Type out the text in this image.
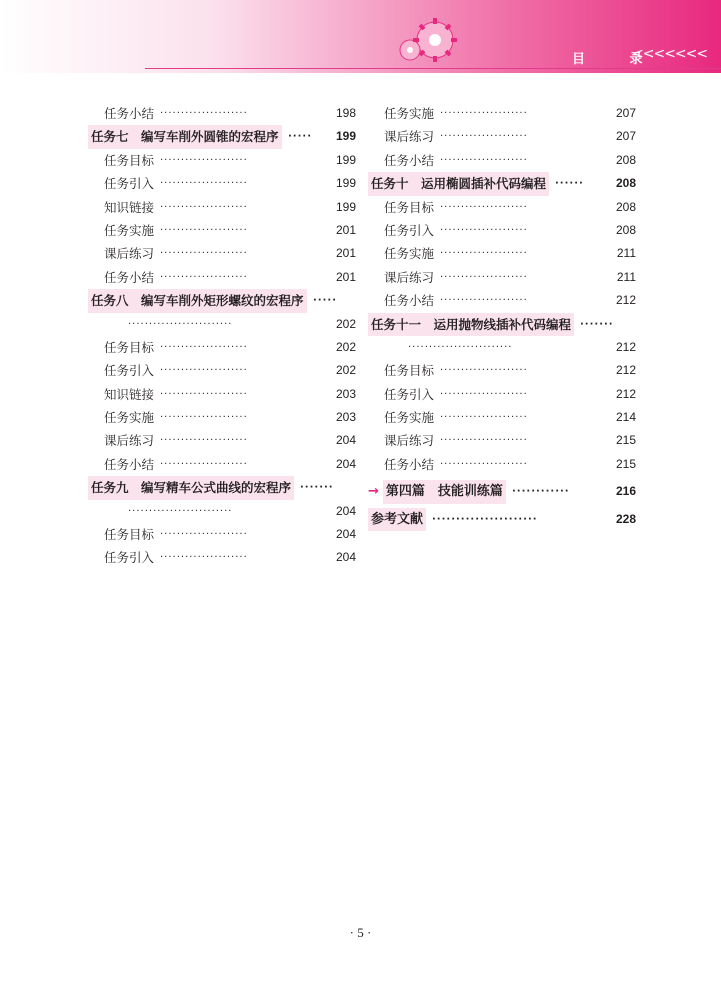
目 录
<<<<<<<
任务小结 ·····················	198
任务七　编写车削外圆锥的宏程序 ····· 199
任务目标 ·····················	199
任务引入 ·····················	199
知识链接 ·····················	199
任务实施 ·····················	201
课后练习 ·····················	201
任务小结 ·····················	201
任务八　编写车削外矩形螺纹的宏程序 ·····
·························	202
任务目标 ·····················	202
任务引入 ·····················	202
知识链接 ·····················	203
任务实施 ·····················	203
课后练习 ·····················	204
任务小结 ·····················	204
任务九　编写精车公式曲线的宏程序 ·······
·························	204
任务目标 ·····················	204
任务引入 ·····················	204
任务实施 ·····················	207
课后练习 ·····················	207
任务小结 ·····················	208
任务十　运用椭圆插补代码编程 ······	208
任务目标 ·····················	208
任务引入 ·····················	208
任务实施 ·····················	211
课后练习 ·····················	211
任务小结 ·····················	212
任务十一　运用抛物线插补代码编程 ·······
·························	212
任务目标 ·····················	212
任务引入 ·····················	212
任务实施 ·····················	214
课后练习 ·····················	215
任务小结 ·····················	215
→ 第四篇　技能训练篇 ············	216
参考文献 ······················	228
· 5 ·
